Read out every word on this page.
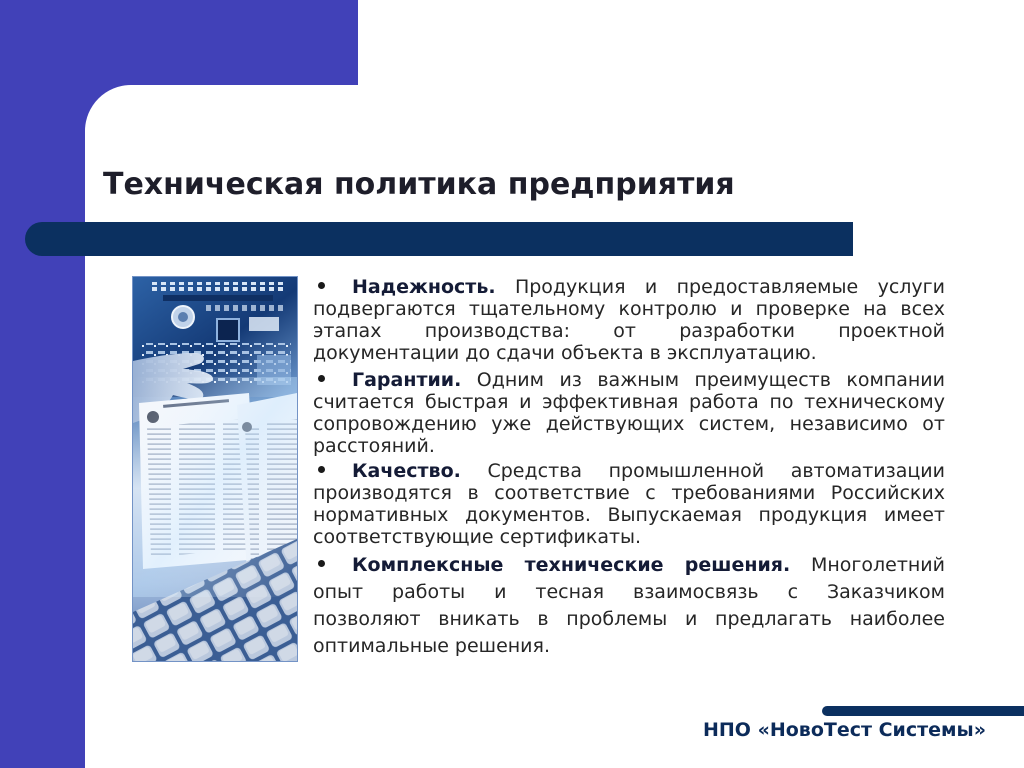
Техническая политика предприятия
Надежность. Продукция и предоставляемые услуги
подвергаются тщательному контролю и проверке на всех
этапах производства: от разработки проектной
документации до сдачи объекта в эксплуатацию.
Гарантии. Одним из важным преимуществ компании
считается быстрая и эффективная работа по техническому
сопровождению уже действующих систем, независимо от
расстояний.
Качество. Средства промышленной автоматизации
производятся в соответствие с требованиями Российских
нормативных документов. Выпускаемая продукция имеет
соответствующие сертификаты.
Комплексные технические решения. Многолетний
опыт работы и тесная взаимосвязь с Заказчиком
позволяют вникать в проблемы и предлагать наиболее
оптимальные решения.
НПО «НовоТест Системы»
